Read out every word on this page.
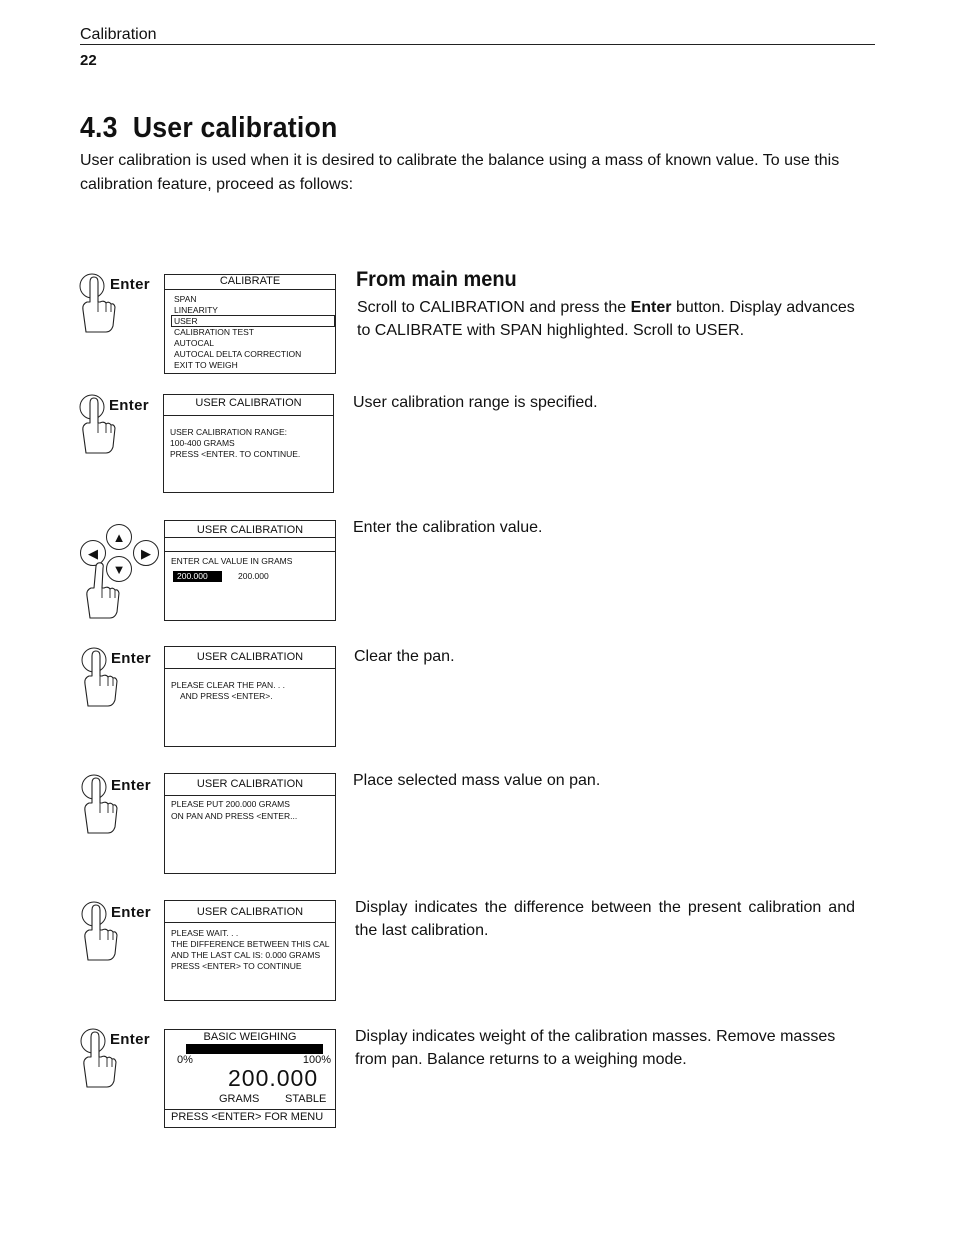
Calibration
22
4.3  User calibration
User calibration is used when it is desired to calibrate the balance using a mass of known value. To use this calibration feature, proceed as follows:
From main menu
Enter	CALIBRATE
SPAN
LINEARITY
USER
CALIBRATION TEST
AUTOCAL
AUTOCAL DELTA CORRECTION
EXIT TO WEIGH
Scroll to CALIBRATION and press the Enter button. Display advances to CALIBRATE with SPAN highlighted. Scroll to USER.
Enter	USER CALIBRATION
USER CALIBRATION RANGE:
100-400 GRAMS
PRESS <ENTER. TO CONTINUE.
User calibration range is specified.
▲
◀	▶
▼
USER CALIBRATION
ENTER CAL VALUE IN GRAMS
200.000	200.000
Enter the calibration value.
Enter	USER CALIBRATION
PLEASE CLEAR THE PAN. . .
AND PRESS <ENTER>.
Clear the pan.
Enter	USER CALIBRATION
PLEASE PUT 200.000 GRAMS
ON PAN AND PRESS <ENTER...
Place selected mass value on pan.
Enter	USER CALIBRATION
PLEASE WAIT. . .
THE DIFFERENCE BETWEEN THIS CAL
AND THE LAST CAL IS: 0.000 GRAMS
PRESS <ENTER> TO CONTINUE
Display indicates the difference between the present calibration and the last calibration.
Enter	BASIC WEIGHING
0%	100%
200.000
GRAMS STABLE
PRESS <ENTER> FOR MENU
Display indicates weight of the calibration masses. Remove masses from pan. Balance returns to a weighing mode.
